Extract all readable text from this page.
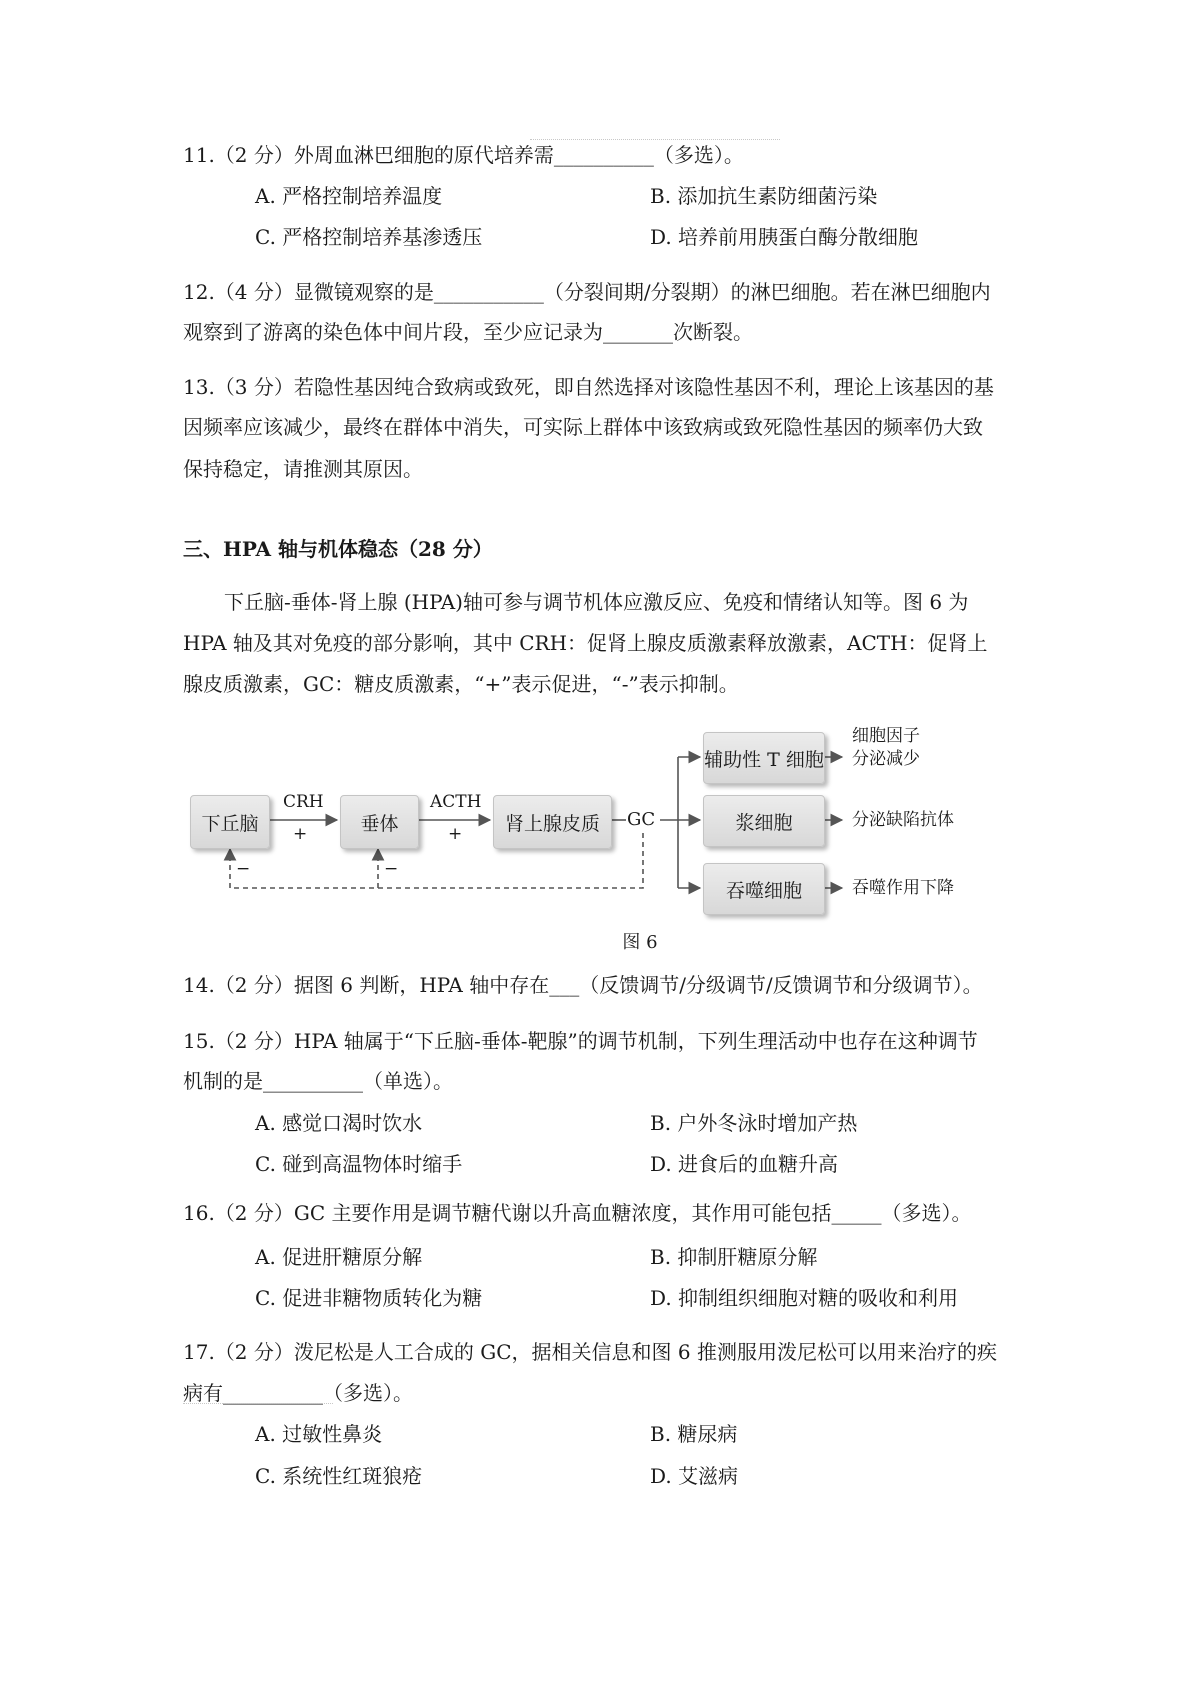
11.（2 分）外周血淋巴细胞的原代培养需__________（多选）。
A. 严格控制培养温度	B. 添加抗生素防细菌污染
C. 严格控制培养基渗透压	D. 培养前用胰蛋白酶分散细胞
12.（4 分）显微镜观察的是___________（分裂间期/分裂期）的淋巴细胞。若在淋巴细胞内
观察到了游离的染色体中间片段，至少应记录为_______次断裂。
13.（3 分）若隐性基因纯合致病或致死，即自然选择对该隐性基因不利，理论上该基因的基
因频率应该减少，最终在群体中消失，可实际上群体中该致病或致死隐性基因的频率仍大致
保持稳定，请推测其原因。
三、HPA 轴与机体稳态（28 分）
下丘脑-垂体-肾上腺 (HPA)轴可参与调节机体应激反应、免疫和情绪认知等。图 6 为
HPA 轴及其对免疫的部分影响，其中 CRH：促肾上腺皮质激素释放激素，ACTH：促肾上
腺皮质激素，GC：糖皮质激素，“+”表示促进，“-”表示抑制。
下丘脑	垂体	肾上腺皮质	GC
辅助性 T 细胞
浆细胞
吞噬细胞
CRH
+
ACTH
+
−	−
细胞因子
分泌减少
分泌缺陷抗体
吞噬作用下降
图 6
14.（2 分）据图 6 判断，HPA 轴中存在___（反馈调节/分级调节/反馈调节和分级调节）。
15.（2 分）HPA 轴属于“下丘脑-垂体-靶腺”的调节机制，下列生理活动中也存在这种调节
机制的是__________（单选）。
A. 感觉口渴时饮水	B. 户外冬泳时增加产热
C. 碰到高温物体时缩手	D. 进食后的血糖升高
16.（2 分）GC 主要作用是调节糖代谢以升高血糖浓度，其作用可能包括_____（多选）。
A. 促进肝糖原分解	B. 抑制肝糖原分解
C. 促进非糖物质转化为糖	D. 抑制组织细胞对糖的吸收和利用
17.（2 分）泼尼松是人工合成的 GC，据相关信息和图 6 推测服用泼尼松可以用来治疗的疾
病有__________（多选）。
A. 过敏性鼻炎	B. 糖尿病
C. 系统性红斑狼疮	D. 艾滋病
